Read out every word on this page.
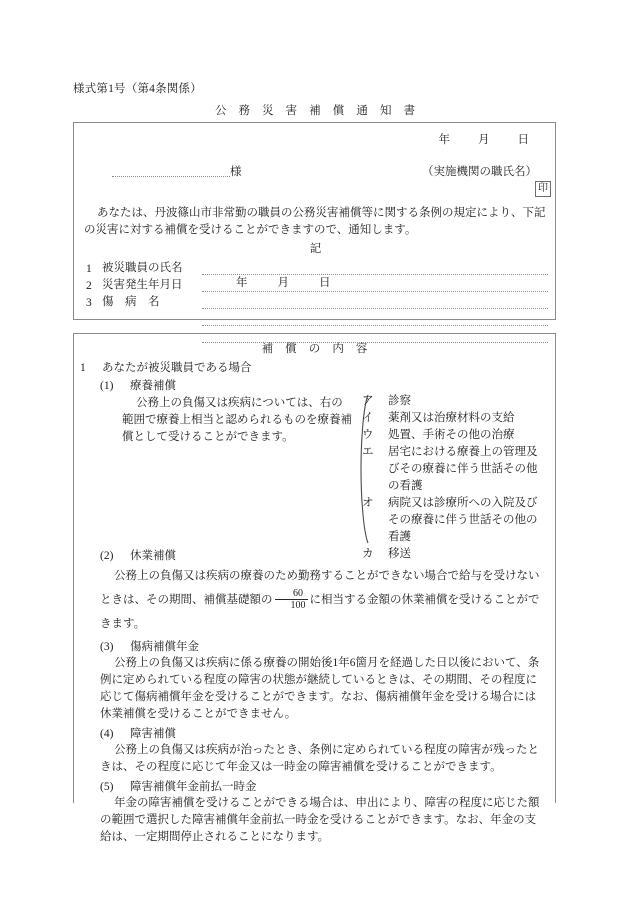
様式第1号（第4条関係）
公 務 災 害 補 償 通 知 書
年 月 日
様	（実施機関の職氏名）
印
あなたは、丹波篠山市非常勤の職員の公務災害補償等に関する条例の規定により、下記の災害に対する補償を受けることができますので、通知します。
記
1 被災職員の氏名
2 災害発生年月日	年	月	日
3 傷　病　名
補 償 の 内 容
1 あなたが被災職員である場合
(1) 療養補償
公務上の負傷又は疾病については、右の範囲で療養上相当と認められるものを療養補償として受けることができます。
ア	診察
イ	薬剤又は治療材料の支給
ウ	処置、手術その他の治療
エ	居宅における療養上の管理及びその療養に伴う世話その他の看護
オ	病院又は診療所への入院及びその療養に伴う世話その他の看護
カ	移送
(2) 休業補償
公務上の負傷又は疾病の療養のため勤務することができない場合で給与を受けないときは、その期間、補償基礎額の $\frac{60}{100}$ に相当する金額の休業補償を受けることができます。
(3) 傷病補償年金
公務上の負傷又は疾病に係る療養の開始後1年6箇月を経過した日以後において、条例に定められている程度の障害の状態が継続しているときは、その期間、その程度に応じて傷病補償年金を受けることができます。なお、傷病補償年金を受ける場合には休業補償を受けることができません。
(4) 障害補償
公務上の負傷又は疾病が治ったとき、条例に定められている程度の障害が残ったときは、その程度に応じて年金又は一時金の障害補償を受けることができます。
(5) 障害補償年金前払一時金
年金の障害補償を受けることができる場合は、申出により、障害の程度に応じた額の範囲で選択した障害補償年金前払一時金を受けることができます。なお、年金の支給は、一定期間停止されることになります。
